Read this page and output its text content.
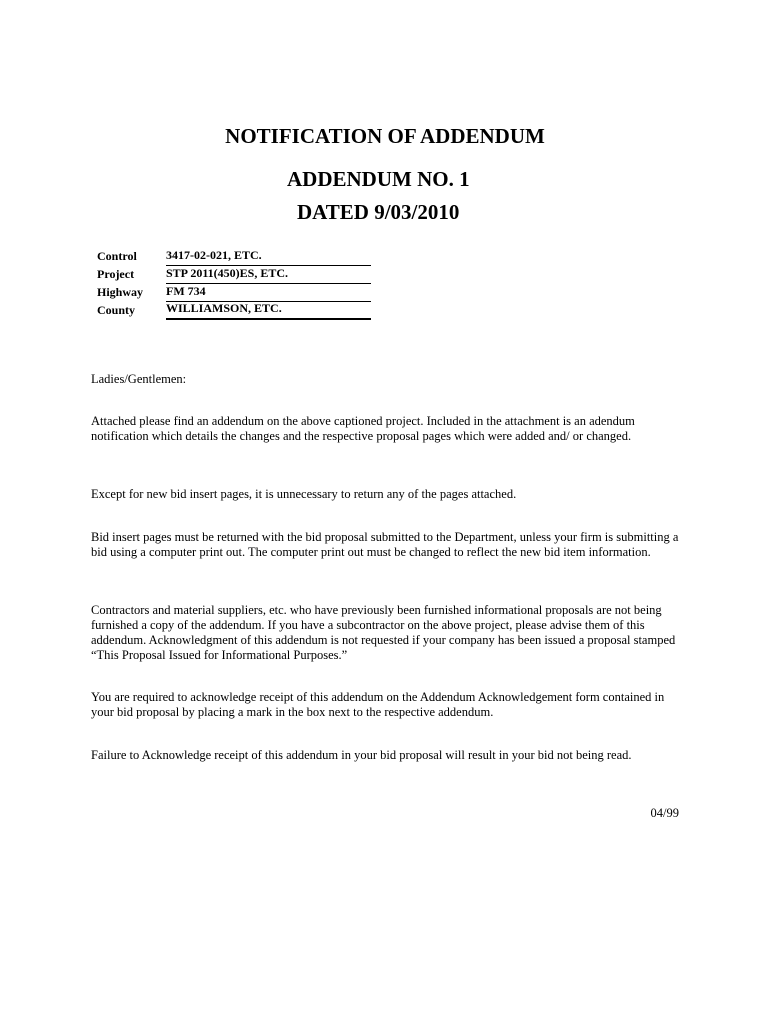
NOTIFICATION OF ADDENDUM
ADDENDUM NO. 1
DATED 9/03/2010
Control	3417-02-021, ETC.
Project	STP 2011(450)ES, ETC.
Highway	FM 734
County	WILLIAMSON, ETC.

Ladies/Gentlemen:

Attached please find an addendum on the above captioned project. Included in the attachment is an adendum notification which details the changes and the respective proposal pages which were added and/ or changed.

Except for new bid insert pages, it is unnecessary to return any of the pages attached.

Bid insert pages must be returned with the bid proposal submitted to the Department, unless your firm is submitting a bid using a computer print out. The computer print out must be changed to reflect the new bid item information.

Contractors and material suppliers, etc. who have previously been furnished informational proposals are not being furnished a copy of the addendum. If you have a subcontractor on the above project, please advise them of this addendum. Acknowledgment of this addendum is not requested if your company has been issued a proposal stamped “This Proposal Issued for Informational Purposes.”

You are required to acknowledge receipt of this addendum on the Addendum Acknowledgement form contained in your bid proposal by placing a mark in the box next to the respective addendum.

Failure to Acknowledge receipt of this addendum in your bid proposal will result in your bid not being read.

04/99
